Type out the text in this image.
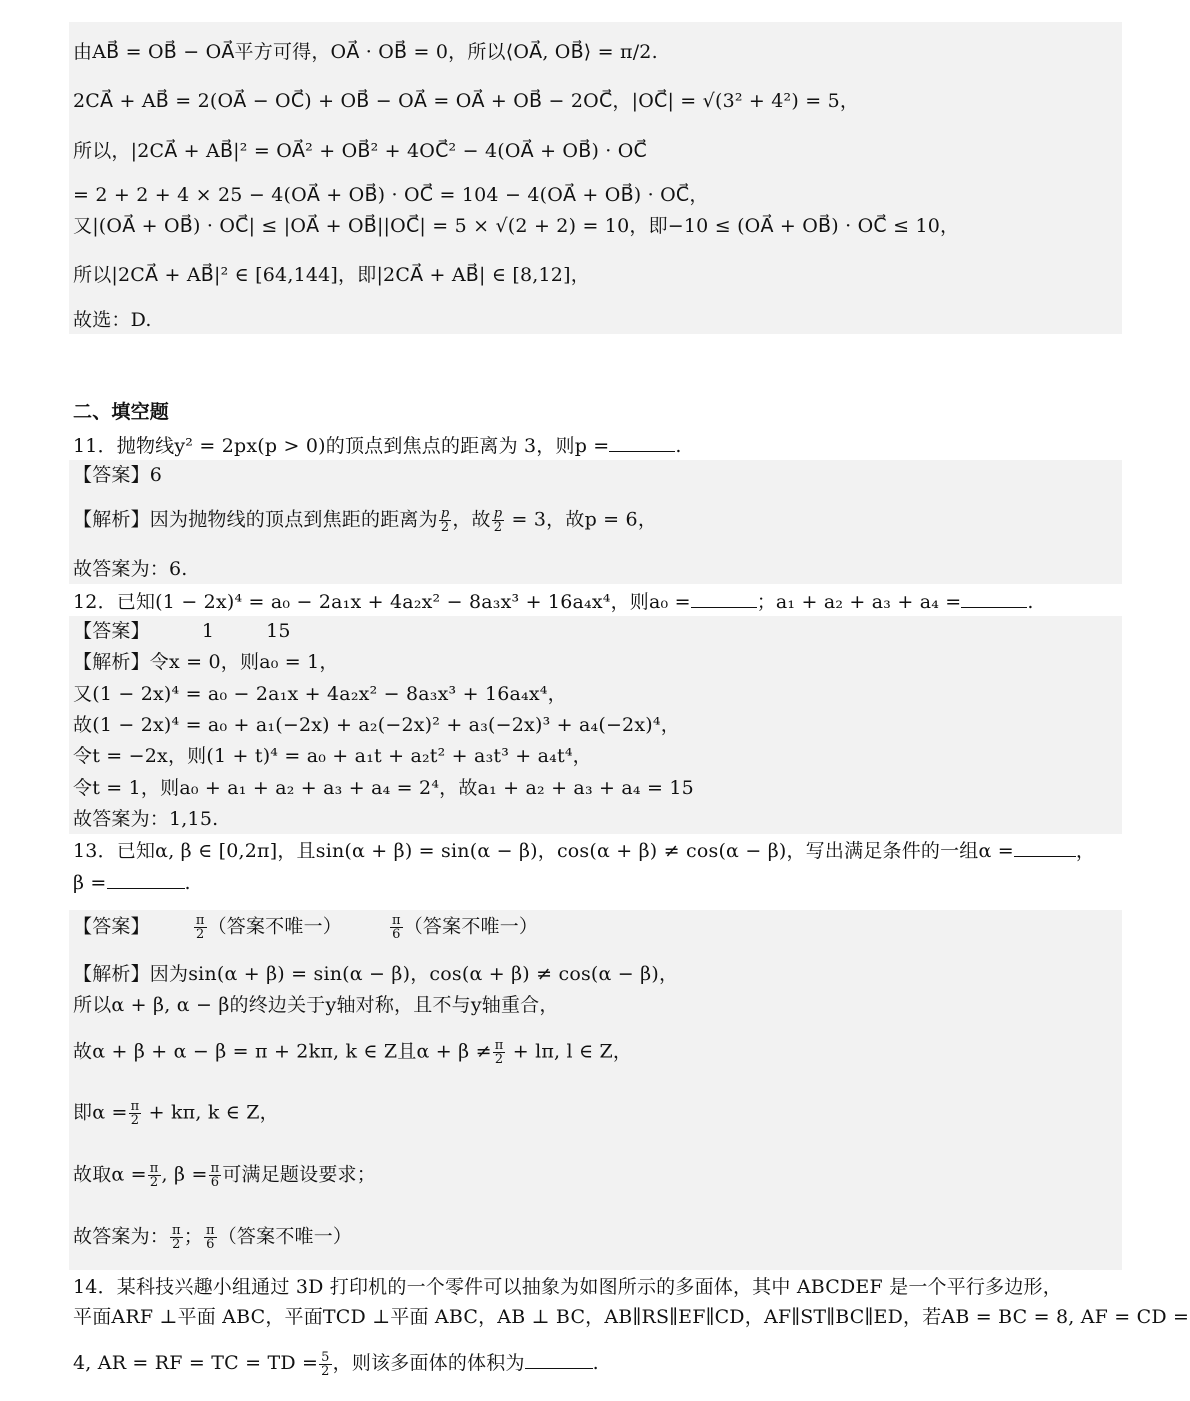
由AB⃗ = OB⃗ − OA⃗平方可得，OA⃗ · OB⃗ = 0，所以⟨OA⃗, OB⃗⟩ = π/2.
2CA⃗ + AB⃗ = 2(OA⃗ − OC⃗) + OB⃗ − OA⃗ = OA⃗ + OB⃗ − 2OC⃗，|OC⃗| = √(3² + 4²) = 5，
所以，|2CA⃗ + AB⃗|² = OA⃗² + OB⃗² + 4OC⃗² − 4(OA⃗ + OB⃗) · OC⃗
= 2 + 2 + 4 × 25 − 4(OA⃗ + OB⃗) · OC⃗ = 104 − 4(OA⃗ + OB⃗) · OC⃗，
又|(OA⃗ + OB⃗) · OC⃗| ≤ |OA⃗ + OB⃗||OC⃗| = 5 × √(2 + 2) = 10，即−10 ≤ (OA⃗ + OB⃗) · OC⃗ ≤ 10，
所以|2CA⃗ + AB⃗|² ∈ [64,144]，即|2CA⃗ + AB⃗| ∈ [8,12]，
故选：D.
二、填空题
11．抛物线y² = 2px(p > 0)的顶点到焦点的距离为 3，则p =	.
【答案】6
【解析】因为抛物线的顶点到焦距的距离为 $\frac{p}{2}$ ，故 $\frac{p}{2} = 3$，故p = 6，
故答案为：6.
12．已知(1 − 2x)⁴ = a₀ − 2a₁x + 4a₂x² − 8a₃x³ + 16a₄x⁴，则a₀ =	；a₁ + a₂ + a₃ + a₄ =	.
【答案】	1	15
【解析】令x = 0，则a₀ = 1，
又(1 − 2x)⁴ = a₀ − 2a₁x + 4a₂x² − 8a₃x³ + 16a₄x⁴，
故(1 − 2x)⁴ = a₀ + a₁(−2x) + a₂(−2x)² + a₃(−2x)³ + a₄(−2x)⁴，
令t = −2x，则(1 + t)⁴ = a₀ + a₁t + a₂t² + a₃t³ + a₄t⁴，
令t = 1，则a₀ + a₁ + a₂ + a₃ + a₄ = 2⁴，故a₁ + a₂ + a₃ + a₄ = 15
故答案为：1,15.
13．已知α, β ∈ [0,2π]，且sin(α + β) = sin(α − β)，cos(α + β) ≠ cos(α − β)，写出满足条件的一组α =	，
β =	.
【答案】	$\frac{\pi}{2}$ （答案不唯一）	$\frac{\pi}{6}$ （答案不唯一）
【解析】因为sin(α + β) = sin(α − β)，cos(α + β) ≠ cos(α − β)，
所以α + β, α − β的终边关于y轴对称，且不与y轴重合，
故α + β + α − β = π + 2kπ, k ∈ Z且$\alpha + \beta \ne \frac{\pi}{2} + l\pi$, l ∈ Z，
即$\alpha = \frac{\pi}{2} + k\pi$, k ∈ Z，
故取$\alpha = \frac{\pi}{2}$ , $\beta = \frac{\pi}{6}$ 可满足题设要求；
故答案为： $\frac{\pi}{2}$ ； $\frac{\pi}{6}$ （答案不唯一）
14．某科技兴趣小组通过 3D 打印机的一个零件可以抽象为如图所示的多面体，其中 ABCDEF 是一个平行多边形，
平面ARF ⊥平面 ABC，平面TCD ⊥平面 ABC，AB ⊥ BC，AB∥RS∥EF∥CD，AF∥ST∥BC∥ED，若AB = BC = 8, AF = CD =
4, AR = RF = TC = TD = $\frac{5}{2}$ ，则该多面体的体积为	.
